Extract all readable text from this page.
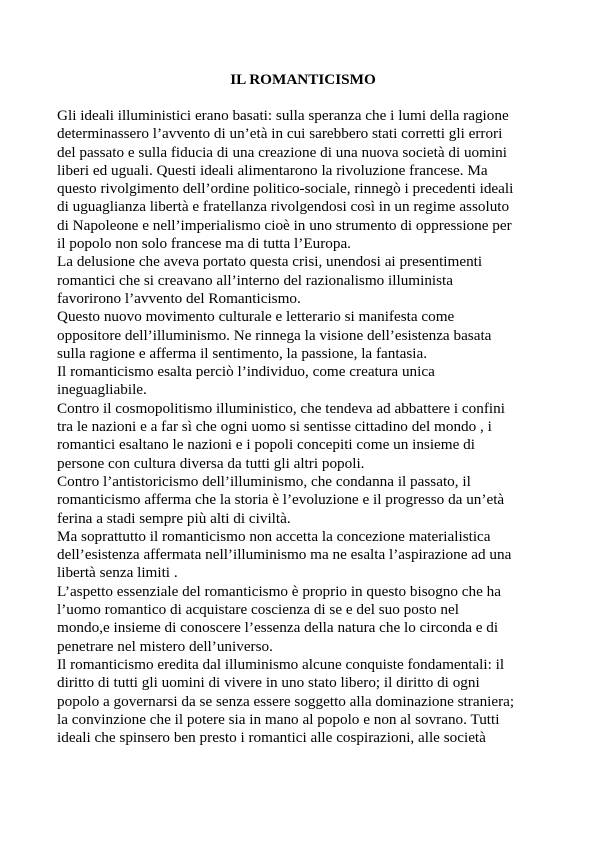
IL ROMANTICISMO
Gli ideali illuministici erano basati: sulla speranza che i lumi della ragione
determinassero l’avvento di un’età in cui sarebbero stati corretti gli errori
del passato e sulla fiducia di una creazione di una nuova società di uomini
liberi ed uguali. Questi ideali alimentarono la rivoluzione francese. Ma
questo rivolgimento dell’ordine politico-sociale, rinnegò i precedenti ideali
di uguaglianza libertà e fratellanza rivolgendosi così in un regime assoluto
di Napoleone e nell’imperialismo cioè in uno strumento di oppressione per
il popolo non solo francese ma di tutta l’Europa.
La delusione che aveva portato questa crisi, unendosi ai presentimenti
romantici che si creavano all’interno del razionalismo illuminista
favorirono l’avvento del Romanticismo.
Questo nuovo movimento culturale e letterario si manifesta come
oppositore dell’illuminismo. Ne rinnega la visione dell’esistenza basata
sulla ragione e afferma il sentimento, la passione, la fantasia.
Il romanticismo esalta perciò l’individuo, come creatura unica
ineguagliabile.
Contro il cosmopolitismo illuministico, che tendeva ad abbattere i confini
tra le nazioni e a far sì che ogni uomo si sentisse cittadino del mondo , i
romantici esaltano le nazioni e i popoli concepiti come un insieme di
persone con cultura diversa da tutti gli altri popoli.
Contro l’antistoricismo dell’illuminismo, che condanna il passato, il
romanticismo afferma che la storia è l’evoluzione e il progresso da un’età
ferina a stadi sempre più alti di civiltà.
Ma soprattutto il romanticismo non accetta la concezione materialistica
dell’esistenza affermata nell’illuminismo ma ne esalta l’aspirazione ad una
libertà senza limiti .
L’aspetto essenziale del romanticismo è proprio in questo bisogno che ha
l’uomo romantico di acquistare coscienza di se e del suo posto nel
mondo,e insieme di conoscere l’essenza della natura che lo circonda e di
penetrare nel mistero dell’universo.
Il romanticismo eredita dal illuminismo alcune conquiste fondamentali: il
diritto di tutti gli uomini di vivere in uno stato libero; il diritto di ogni
popolo a governarsi da se senza essere soggetto alla dominazione straniera;
la convinzione che il potere sia in mano al popolo e non al sovrano. Tutti
ideali che spinsero ben presto i romantici alle cospirazioni, alle società
